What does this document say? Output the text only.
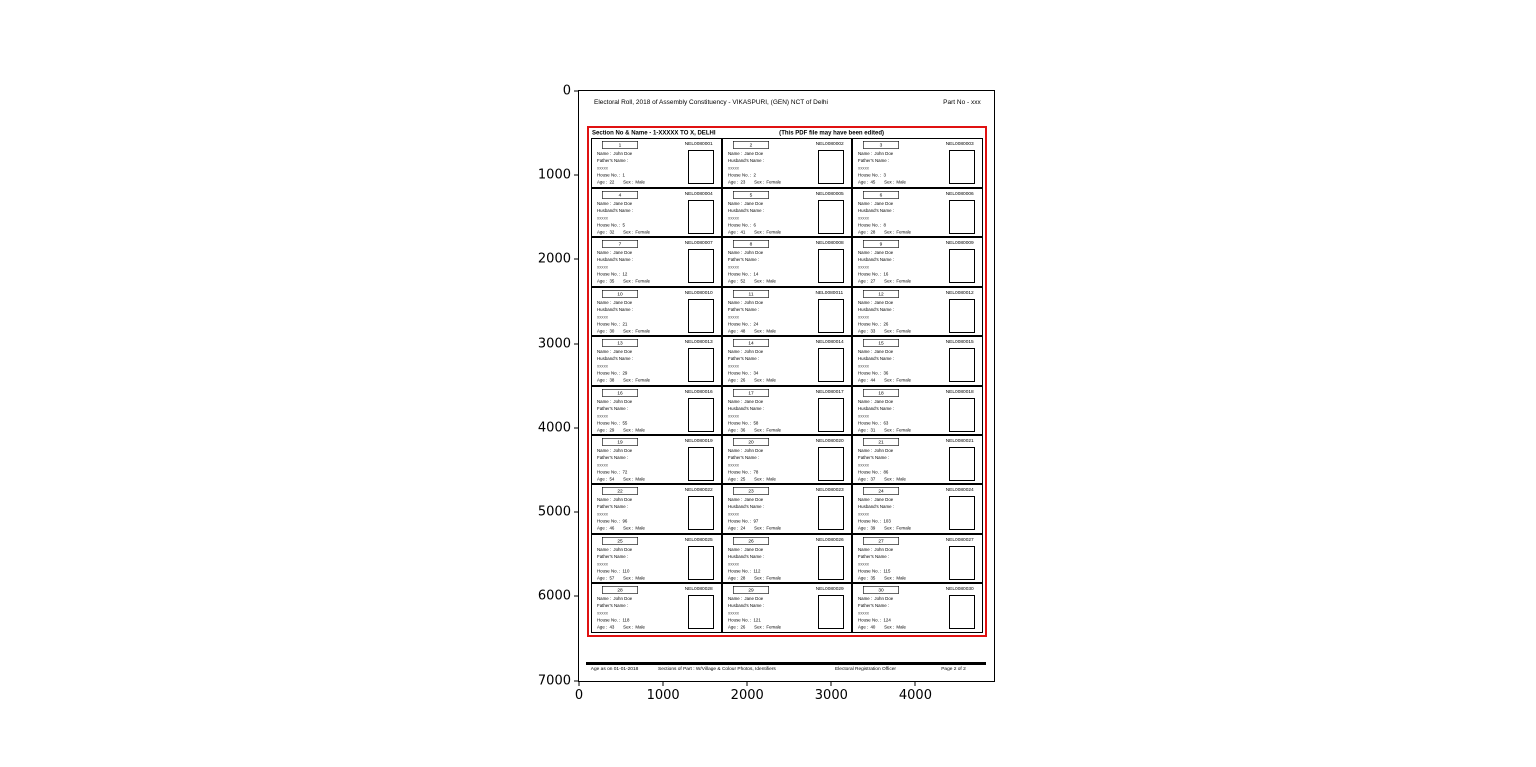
Electoral Roll, 2018 of Assembly Constituency - VIKASPURI, (GEN) NCT of Delhi	Part No - xxx
Section No & Name - 1-XXXXX TO X, DELHI	(This PDF file may have been edited)
1	NEL0080001
Name : John Doe
Father's Name :
xxxxx
House No. : 1
Age : 22 Sex : Male
2	NEL0080002
Name : Jane Doe
Husband's Name :
xxxxx
House No. : 2
Age : 23 Sex : Female
3	NEL0080003
Name : John Doe
Father's Name :
xxxxx
House No. : 3
Age : 45 Sex : Male
4	NEL0080004
Name : Jane Doe
Husband's Name :
xxxxx
House No. : 5
Age : 32 Sex : Female
5	NEL0080005
Name : Jane Doe
Husband's Name :
xxxxx
House No. : 6
Age : 41 Sex : Female
6	NEL0080006
Name : Jane Doe
Husband's Name :
xxxxx
House No. : 8
Age : 28 Sex : Female
7	NEL0080007
Name : Jane Doe
Husband's Name :
xxxxx
House No. : 12
Age : 35 Sex : Female
8	NEL0080008
Name : John Doe
Father's Name :
xxxxx
House No. : 14
Age : 52 Sex : Male
9	NEL0080009
Name : Jane Doe
Husband's Name :
xxxxx
House No. : 16
Age : 27 Sex : Female
10	NEL0080010
Name : Jane Doe
Husband's Name :
xxxxx
House No. : 21
Age : 30 Sex : Female
11	NEL0080011
Name : John Doe
Father's Name :
xxxxx
House No. : 24
Age : 48 Sex : Male
12	NEL0080012
Name : Jane Doe
Husband's Name :
xxxxx
House No. : 26
Age : 33 Sex : Female
13	NEL0080013
Name : Jane Doe
Husband's Name :
xxxxx
House No. : 29
Age : 38 Sex : Female
14	NEL0080014
Name : John Doe
Father's Name :
xxxxx
House No. : 34
Age : 26 Sex : Male
15	NEL0080015
Name : Jane Doe
Husband's Name :
xxxxx
House No. : 36
Age : 44 Sex : Female
16	NEL0080016
Name : John Doe
Father's Name :
xxxxx
House No. : 55
Age : 29 Sex : Male
17	NEL0080017
Name : Jane Doe
Husband's Name :
xxxxx
House No. : 58
Age : 36 Sex : Female
18	NEL0080018
Name : Jane Doe
Husband's Name :
xxxxx
House No. : 63
Age : 31 Sex : Female
19	NEL0080019
Name : John Doe
Father's Name :
xxxxx
House No. : 72
Age : 54 Sex : Male
20	NEL0080020
Name : John Doe
Father's Name :
xxxxx
House No. : 78
Age : 25 Sex : Male
21	NEL0080021
Name : John Doe
Father's Name :
xxxxx
House No. : 86
Age : 37 Sex : Male
22	NEL0080022
Name : John Doe
Father's Name :
xxxxx
House No. : 96
Age : 46 Sex : Male
23	NEL0080023
Name : Jane Doe
Husband's Name :
xxxxx
House No. : 97
Age : 24 Sex : Female
24	NEL0080024
Name : Jane Doe
Husband's Name :
xxxxx
House No. : 103
Age : 39 Sex : Female
25	NEL0080025
Name : John Doe
Father's Name :
xxxxx
House No. : 110
Age : 57 Sex : Male
26	NEL0080026
Name : Jane Doe
Husband's Name :
xxxxx
House No. : 112
Age : 28 Sex : Female
27	NEL0080027
Name : John Doe
Father's Name :
xxxxx
House No. : 115
Age : 35 Sex : Male
28	NEL0080028
Name : John Doe
Father's Name :
xxxxx
House No. : 118
Age : 43 Sex : Male
29	NEL0080029
Name : Jane Doe
Husband's Name :
xxxxx
House No. : 121
Age : 26 Sex : Female
30	NEL0080030
Name : John Doe
Father's Name :
xxxxx
House No. : 124
Age : 40 Sex : Male
Age as on 01-01-2018 Sections of Part : W/Village & Colour Photos, Identifiers	Electoral Registration Officer	Page 2 of 2
0
1000
2000
3000
4000
5000
6000
7000
0	1000	2000	3000	4000
